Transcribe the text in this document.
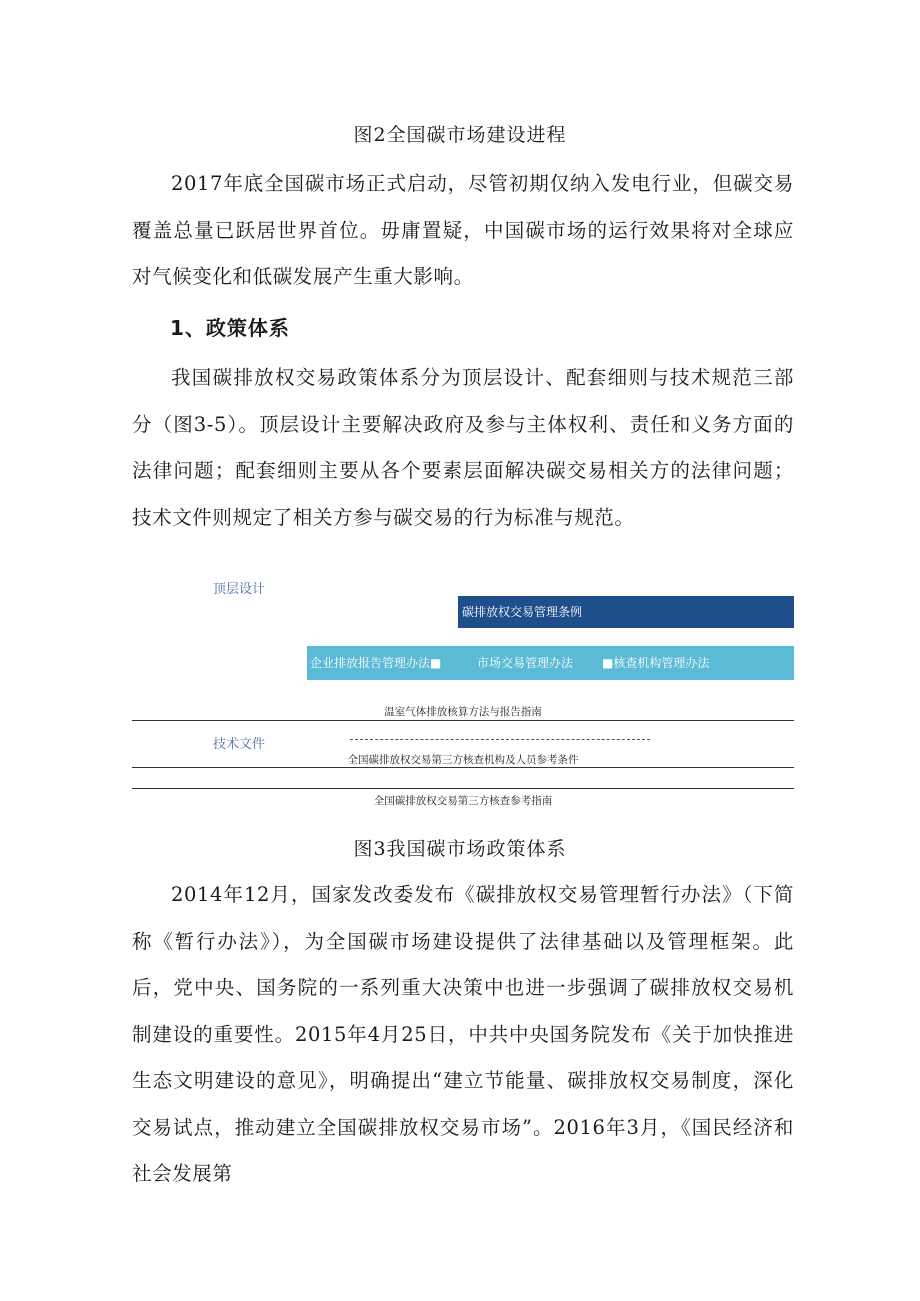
图2全国碳市场建设进程

2017年底全国碳市场正式启动，尽管初期仅纳入发电行业，但碳交易覆盖总量已跃居世界首位。毋庸置疑，中国碳市场的运行效果将对全球应对气候变化和低碳发展产生重大影响。

1、政策体系

我国碳排放权交易政策体系分为顶层设计、配套细则与技术规范三部分（图3-5）。顶层设计主要解决政府及参与主体权利、责任和义务方面的法律问题；配套细则主要从各个要素层面解决碳交易相关方的法律问题；技术文件则规定了相关方参与碳交易的行为标准与规范。

顶层设计
碳排放权交易管理条例
企业排放报告管理办法■	市场交易管理办法 ■核查机构管理办法
温室气体排放核算方法与报告指南
技术文件
全国碳排放权交易第三方核查机构及人员参考条件
全国碳排放权交易第三方核查参考指南
图3我国碳市场政策体系

2014年12月，国家发改委发布《碳排放权交易管理暂行办法》（下简称《暂行办法》），为全国碳市场建设提供了法律基础以及管理框架。此后，党中央、国务院的一系列重大决策中也进一步强调了碳排放权交易机制建设的重要性。2015年4月25日，中共中央国务院发布《关于加快推进生态文明建设的意见》，明确提出“建立节能量、碳排放权交易制度，深化交易试点，推动建立全国碳排放权交易市场”。2016年3月，《国民经济和社会发展第
